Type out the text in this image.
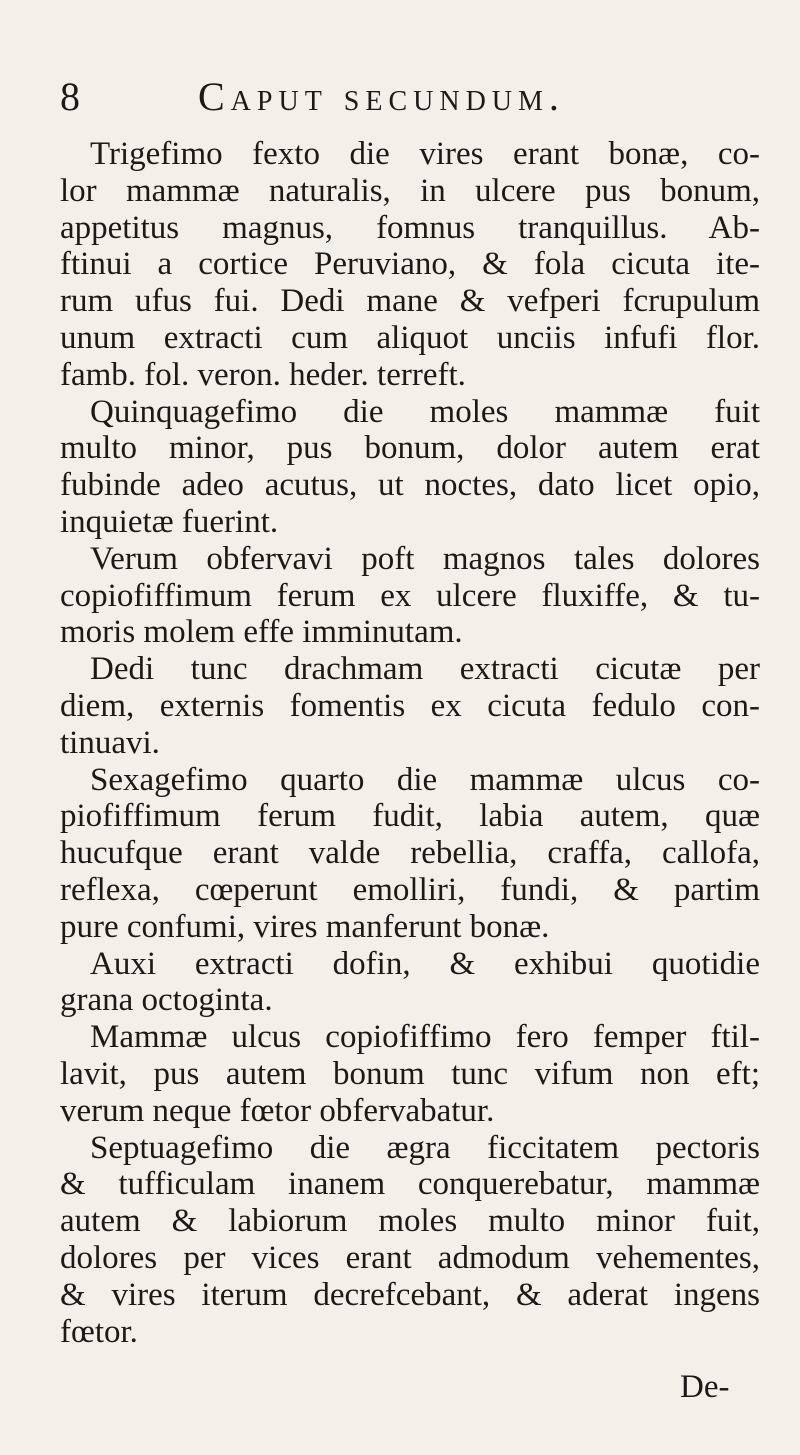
8	Caput secundum.
Trigefimo fexto die vires erant bonæ, co-
lor mammæ naturalis, in ulcere pus bonum,
appetitus magnus, fomnus tranquillus. Ab-
ftinui a cortice Peruviano, & fola cicuta ite-
rum ufus fui. Dedi mane & vefperi fcrupulum
unum extracti cum aliquot unciis infufi flor.
famb. fol. veron. heder. terreft.
Quinquagefimo die moles mammæ fuit
multo minor, pus bonum, dolor autem erat
fubinde adeo acutus, ut noctes, dato licet opio,
inquietæ fuerint.
Verum obfervavi poft magnos tales dolores
copiofiffimum ferum ex ulcere fluxiffe, & tu-
moris molem effe imminutam.
Dedi tunc drachmam extracti cicutæ per
diem, externis fomentis ex cicuta fedulo con-
tinuavi.
Sexagefimo quarto die mammæ ulcus co-
piofiffimum ferum fudit, labia autem, quæ
hucufque erant valde rebellia, craffa, callofa,
reflexa, cœperunt emolliri, fundi, & partim
pure confumi, vires manferunt bonæ.
Auxi extracti dofin, & exhibui quotidie
grana octoginta.
Mammæ ulcus copiofiffimo fero femper ftil-
lavit, pus autem bonum tunc vifum non eft;
verum neque fœtor obfervabatur.
Septuagefimo die ægra ficcitatem pectoris
& tufficulam inanem conquerebatur, mammæ
autem & labiorum moles multo minor fuit,
dolores per vices erant admodum vehementes,
& vires iterum decrefcebant, & aderat ingens
fœtor.
De-
